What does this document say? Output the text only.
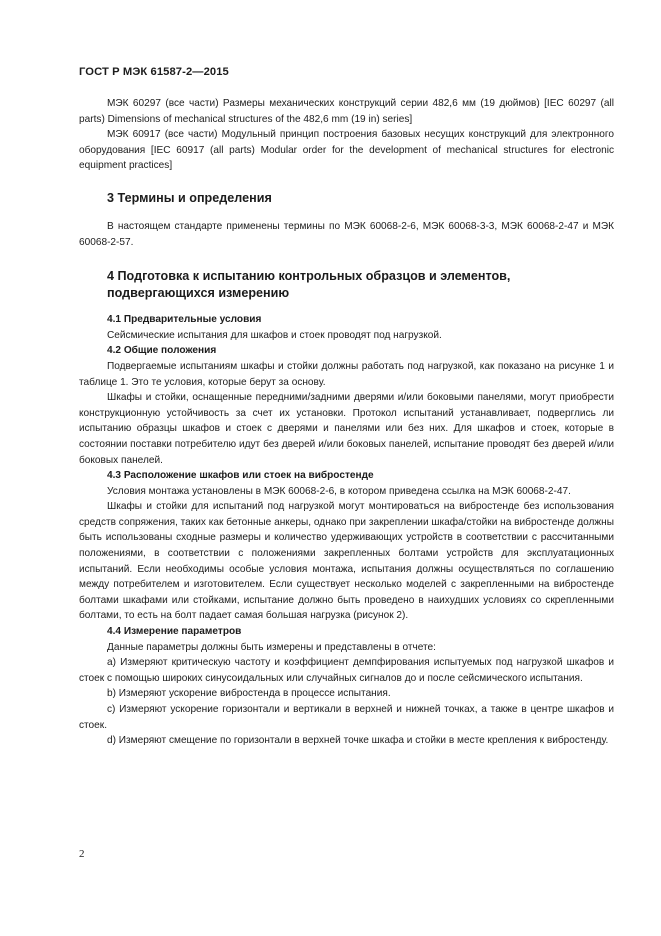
ГОСТ Р МЭК 61587-2—2015

МЭК 60297 (все части) Размеры механических конструкций серии 482,6 мм (19 дюймов) [IEC 60297 (all parts) Dimensions of mechanical structures of the 482,6 mm (19 in) series]

МЭК 60917 (все части) Модульный принцип построения базовых несущих конструкций для электронного оборудования [IEC 60917 (all parts) Modular order for the development of mechanical structures for electronic equipment practices]

3 Термины и определения

В настоящем стандарте применены термины по МЭК 60068-2-6, МЭК 60068-3-3, МЭК 60068-2-47 и МЭК 60068-2-57.

4 Подготовка к испытанию контрольных образцов и элементов,
подвергающихся измерению
4.1 Предварительные условия

Сейсмические испытания для шкафов и стоек проводят под нагрузкой.

4.2 Общие положения

Подвергаемые испытаниям шкафы и стойки должны работать под нагрузкой, как показано на рисунке 1 и таблице 1. Это те условия, которые берут за основу.

Шкафы и стойки, оснащенные передними/задними дверями и/или боковыми панелями, могут приобрести конструкционную устойчивость за счет их установки. Протокол испытаний устанавливает, подверглись ли испытанию образцы шкафов и стоек с дверями и панелями или без них. Для шкафов и стоек, которые в состоянии поставки потребителю идут без дверей и/или боковых панелей, испытание проводят без дверей и/или боковых панелей.

4.3 Расположение шкафов или стоек на вибростенде

Условия монтажа установлены в МЭК 60068-2-6, в котором приведена ссылка на МЭК 60068-2-47.

Шкафы и стойки для испытаний под нагрузкой могут монтироваться на вибростенде без использования средств сопряжения, таких как бетонные анкеры, однако при закреплении шкафа/стойки на вибростенде должны быть использованы сходные размеры и количество удерживающих устройств в соответствии с рассчитанными положениями, в соответствии с положениями закрепленных болтами устройств для эксплуатационных испытаний. Если необходимы особые условия монтажа, испытания должны осуществляться по соглашению между потребителем и изготовителем. Если существует несколько моделей с закрепленными на вибростенде болтами шкафами или стойками, испытание должно быть проведено в наихудших условиях со скрепленными болтами, то есть на болт падает самая большая нагрузка (рисунок 2).

4.4 Измерение параметров

Данные параметры должны быть измерены и представлены в отчете:

a) Измеряют критическую частоту и коэффициент демпфирования испытуемых под нагрузкой шкафов и стоек с помощью широких синусоидальных или случайных сигналов до и после сейсмического испытания.

b) Измеряют ускорение вибростенда в процессе испытания.

c) Измеряют ускорение горизонтали и вертикали в верхней и нижней точках, а также в центре шкафов и стоек.

d) Измеряют смещение по горизонтали в верхней точке шкафа и стойки в месте крепления к вибростенду.

2
